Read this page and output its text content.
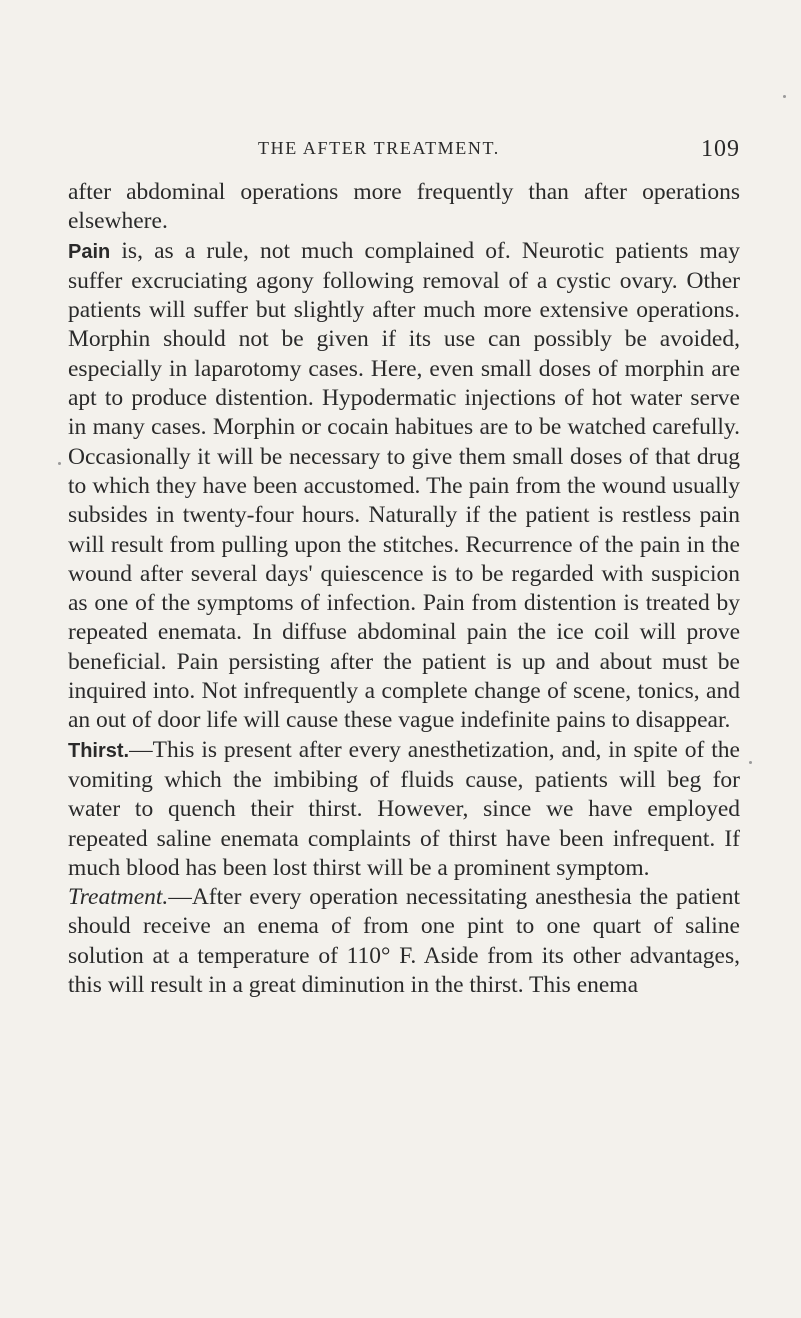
THE AFTER TREATMENT.	109

after abdominal operations more frequently than after operations elsewhere.

Pain is, as a rule, not much complained of. Neurotic patients may suffer excruciating agony following removal of a cystic ovary. Other patients will suffer but slightly after much more extensive operations. Morphin should not be given if its use can possibly be avoided, especially in laparotomy cases. Here, even small doses of morphin are apt to produce distention. Hypodermatic injections of hot water serve in many cases. Morphin or cocain habitues are to be watched carefully. Occasionally it will be necessary to give them small doses of that drug to which they have been accustomed. The pain from the wound usually subsides in twenty-four hours. Naturally if the patient is restless pain will result from pulling upon the stitches. Recurrence of the pain in the wound after several days' quiescence is to be regarded with suspicion as one of the symptoms of infection. Pain from distention is treated by repeated enemata. In diffuse abdominal pain the ice coil will prove beneficial. Pain persisting after the patient is up and about must be inquired into. Not infrequently a complete change of scene, tonics, and an out of door life will cause these vague indefinite pains to disappear.

Thirst.—This is present after every anesthetization, and, in spite of the vomiting which the imbibing of fluids cause, patients will beg for water to quench their thirst. However, since we have employed repeated saline enemata complaints of thirst have been infrequent. If much blood has been lost thirst will be a prominent symptom.

Treatment.—After every operation necessitating anesthesia the patient should receive an enema of from one pint to one quart of saline solution at a temperature of 110° F. Aside from its other advantages, this will result in a great diminution in the thirst. This enema
